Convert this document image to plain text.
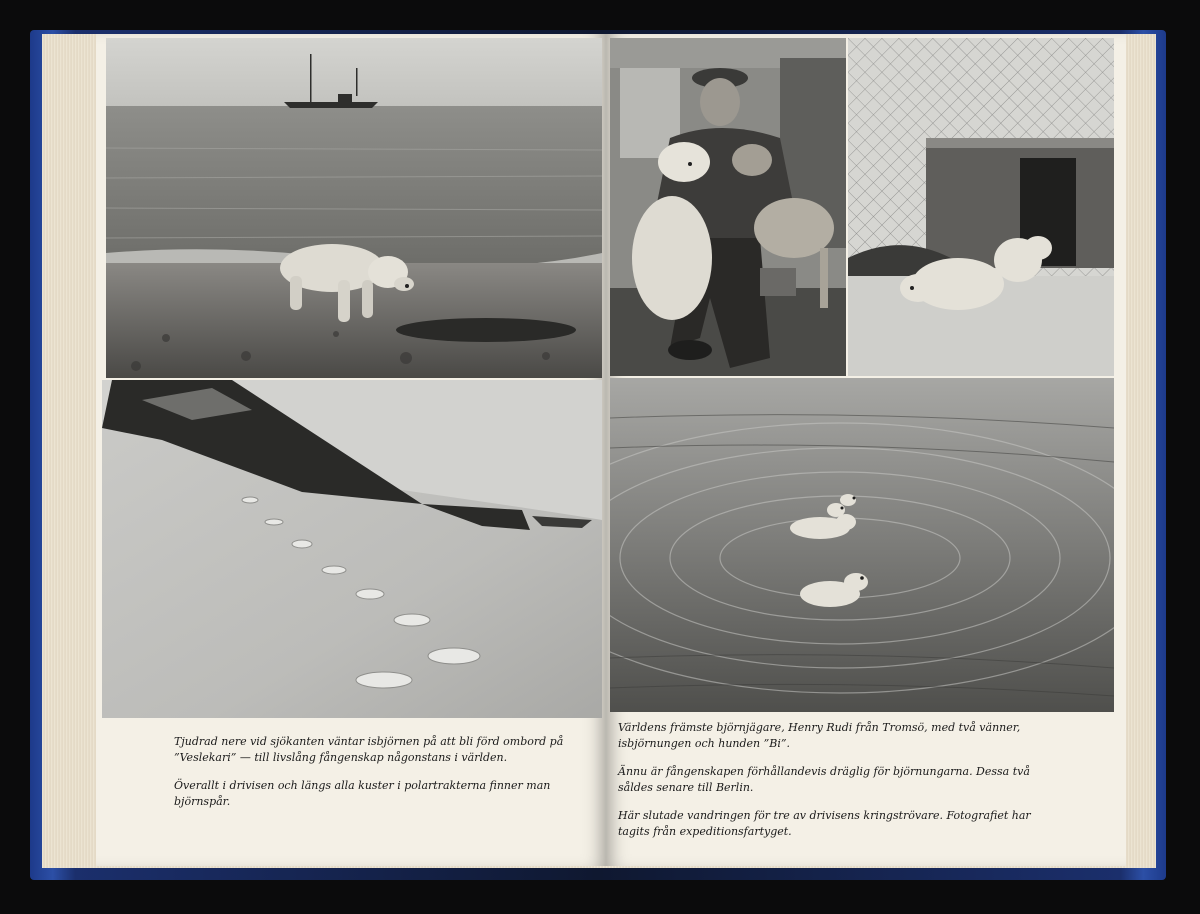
Tjudrad nere vid sjökanten väntar isbjörnen på att bli förd ombord på ”Veslekari” — till livslång fångenskap någonstans i världen.

Överallt i drivisen och längs alla kuster i polartrakterna finner man björnspår.

Världens främste björnjägare, Henry Rudi från Tromsö, med två vänner, isbjörnungen och hunden ”Bi”.

Ännu är fångenskapen förhållandevis dräglig för björnungarna. Dessa två såldes senare till Berlin.

Här slutade vandringen för tre av drivisens kringströvare. Fotografiet har tagits från expeditionsfartyget.
